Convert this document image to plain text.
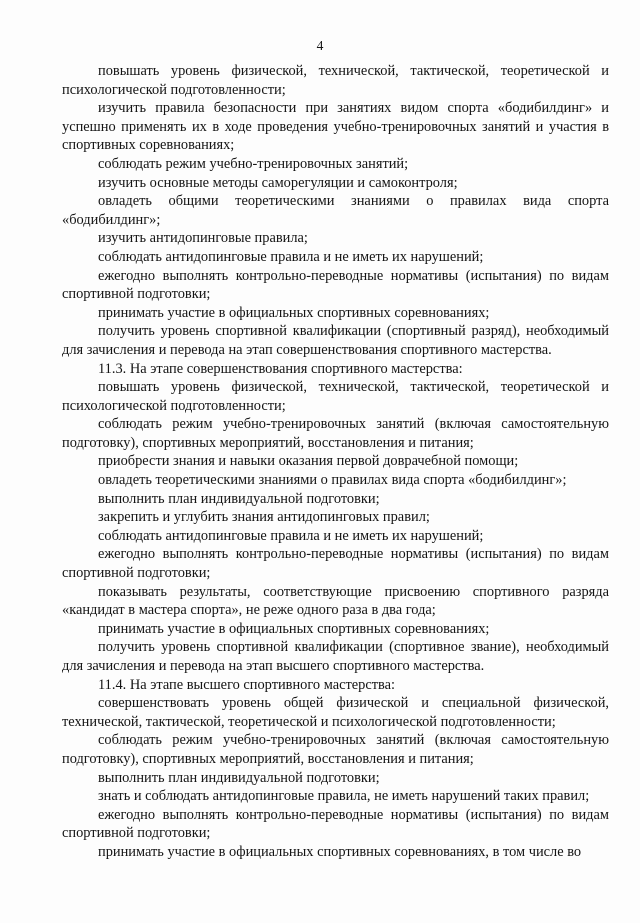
4

повышать уровень физической, технической, тактической, теоретической и психологической подготовленности;

изучить правила безопасности при занятиях видом спорта «бодибилдинг» и успешно применять их в ходе проведения учебно-тренировочных занятий и участия в спортивных соревнованиях;

соблюдать режим учебно-тренировочных занятий;

изучить основные методы саморегуляции и самоконтроля;

овладеть общими теоретическими знаниями о правилах вида спорта «бодибилдинг»;

изучить антидопинговые правила;

соблюдать антидопинговые правила и не иметь их нарушений;

ежегодно выполнять контрольно-переводные нормативы (испытания) по видам спортивной подготовки;

принимать участие в официальных спортивных соревнованиях;

получить уровень спортивной квалификации (спортивный разряд), необходимый для зачисления и перевода на этап совершенствования спортивного мастерства.

11.3. На этапе совершенствования спортивного мастерства:

повышать уровень физической, технической, тактической, теоретической и психологической подготовленности;

соблюдать режим учебно-тренировочных занятий (включая самостоятельную подготовку), спортивных мероприятий, восстановления и питания;

приобрести знания и навыки оказания первой доврачебной помощи;

овладеть теоретическими знаниями о правилах вида спорта «бодибилдинг»;

выполнить план индивидуальной подготовки;

закрепить и углубить знания антидопинговых правил;

соблюдать антидопинговые правила и не иметь их нарушений;

ежегодно выполнять контрольно-переводные нормативы (испытания) по видам спортивной подготовки;

показывать результаты, соответствующие присвоению спортивного разряда «кандидат в мастера спорта», не реже одного раза в два года;

принимать участие в официальных спортивных соревнованиях;

получить уровень спортивной квалификации (спортивное звание), необходимый для зачисления и перевода на этап высшего спортивного мастерства.

11.4. На этапе высшего спортивного мастерства:

совершенствовать уровень общей физической и специальной физической, технической, тактической, теоретической и психологической подготовленности;

соблюдать режим учебно-тренировочных занятий (включая самостоятельную подготовку), спортивных мероприятий, восстановления и питания;

выполнить план индивидуальной подготовки;

знать и соблюдать антидопинговые правила, не иметь нарушений таких правил;

ежегодно выполнять контрольно-переводные нормативы (испытания) по видам спортивной подготовки;

принимать участие в официальных спортивных соревнованиях, в том числе во
